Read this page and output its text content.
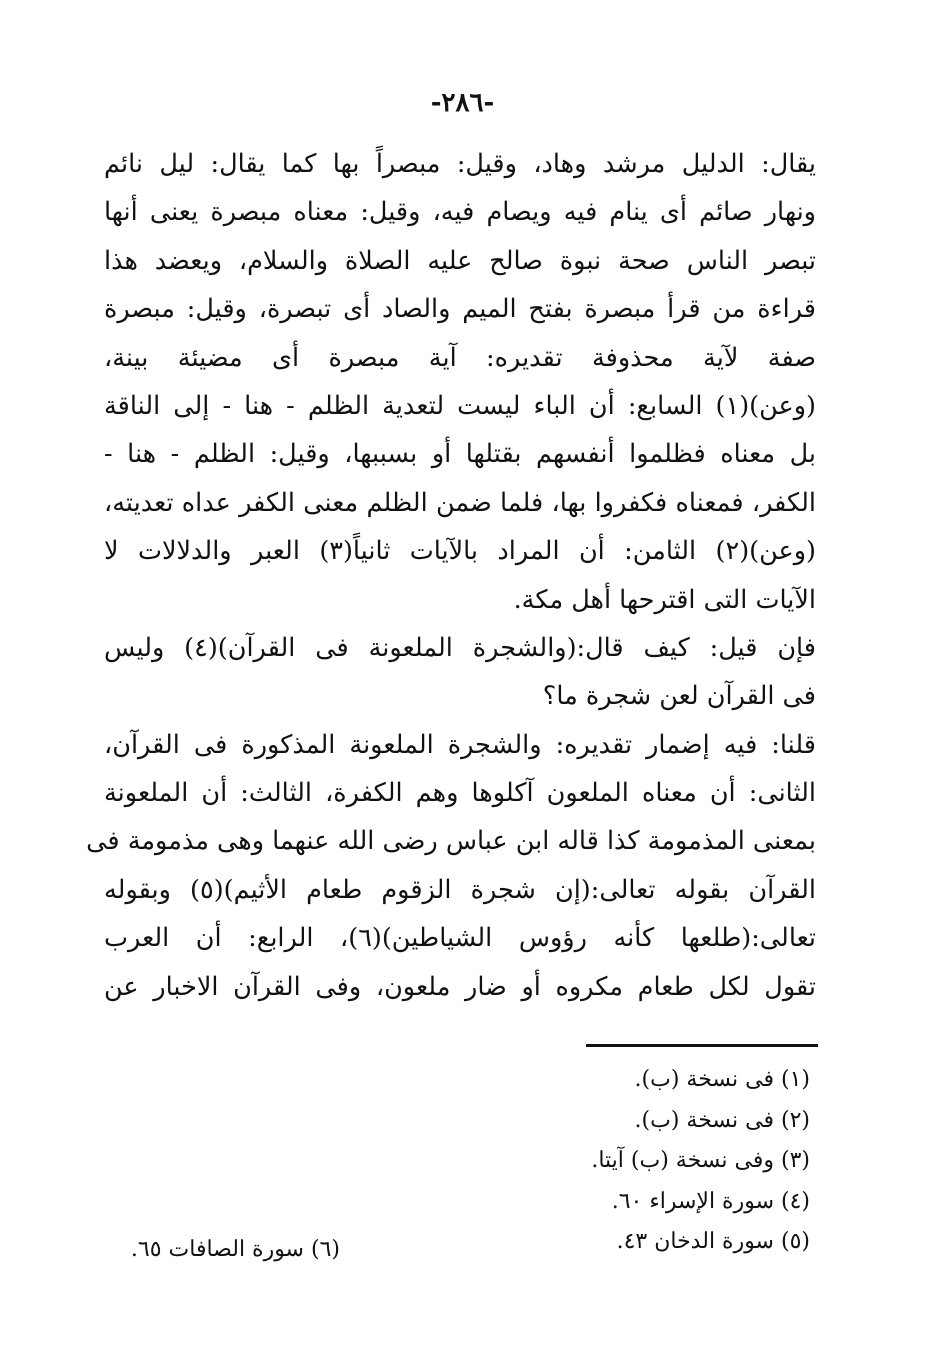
-٢٨٦-
يقال: الدليل مرشد وهاد، وقيل: مبصراً بها كما يقال: ليل نائم
ونهار صائم أى ينام فيه ويصام فيه، وقيل: معناه مبصرة يعنى أنها
تبصر الناس صحة نبوة صالح عليه الصلاة والسلام، ويعضد هذا
قراءة من قرأ مبصرة بفتح الميم والصاد أى تبصرة، وقيل: مبصرة
صفة لآية محذوفة تقديره: آية مبصرة أى مضيئة بينة،
(وعن)(١) السابع: أن الباء ليست لتعدية الظلم - هنا - إلى الناقة
بل معناه فظلموا أنفسهم بقتلها أو بسببها، وقيل: الظلم - هنا -
الكفر، فمعناه فكفروا بها، فلما ضمن الظلم معنى الكفر عداه تعديته،
(وعن)(٢) الثامن: أن المراد بالآيات ثانياً(٣) العبر والدلالات لا
الآيات التى اقترحها أهل مكة.
فإن قيل: كيف قال:(والشجرة الملعونة فى القرآن)(٤) وليس
فى القرآن لعن شجرة ما؟
قلنا: فيه إضمار تقديره: والشجرة الملعونة المذكورة فى القرآن،
الثانى: أن معناه الملعون آكلوها وهم الكفرة، الثالث: أن الملعونة
بمعنى المذمومة كذا قاله ابن عباس رضى الله عنهما وهى مذمومة فى
القرآن بقوله تعالى:(إن شجرة الزقوم طعام الأثيم)(٥) وبقوله
تعالى:(طلعها كأنه رؤوس الشياطين)(٦)، الرابع: أن العرب
تقول لكل طعام مكروه أو ضار ملعون، وفى القرآن الاخبار عن
(١) فى نسخة (ب).
(٢) فى نسخة (ب).
(٣) وفى نسخة (ب) آيتا.
(٤) سورة الإسراء ٦٠.
(٥) سورة الدخان ٤٣.
(٦) سورة الصافات ٦٥.
